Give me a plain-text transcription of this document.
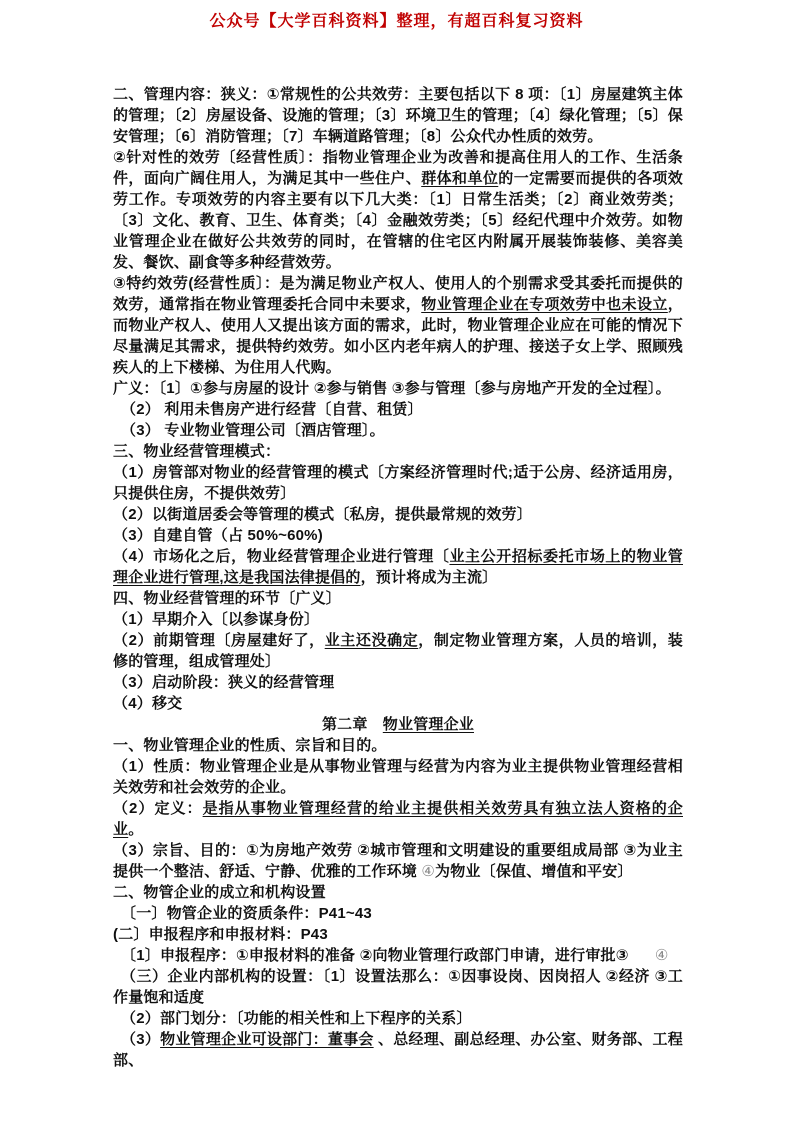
公众号【大学百科资料】整理，有超百科复习资料
二、管理内容：狭义：①常规性的公共效劳：主要包括以下 8 项：〔1〕房屋建筑主体的管理；〔2〕房屋设备、设施的管理；〔3〕环境卫生的管理；〔4〕绿化管理；〔5〕保安管理；〔6〕消防管理；〔7〕车辆道路管理；〔8〕公众代办性质的效劳。
②针对性的效劳〔经营性质〕：指物业管理企业为改善和提高住用人的工作、生活条件，面向广阔住用人，为满足其中一些住户、群体和单位的一定需要而提供的各项效劳工作。专项效劳的内容主要有以下几大类：〔1〕日常生活类；〔2〕商业效劳类；〔3〕文化、教育、卫生、体育类；〔4〕金融效劳类；〔5〕经纪代理中介效劳。如物业管理企业在做好公共效劳的同时，在管辖的住宅区内附属开展装饰装修、美容美发、餐饮、副食等多种经营效劳。
③特约效劳(经营性质〕：是为满足物业产权人、使用人的个别需求受其委托而提供的效劳，通常指在物业管理委托合同中未要求，物业管理企业在专项效劳中也未设立，而物业产权人、使用人又提出该方面的需求，此时，物业管理企业应在可能的情况下尽量满足其需求，提供特约效劳。如小区内老年病人的护理、接送子女上学、照顾残疾人的上下楼梯、为住用人代购。
广义：〔1〕①参与房屋的设计 ②参与销售 ③参与管理〔参与房地产开发的全过程〕。
（2） 利用未售房产进行经营〔自营、租赁〕
（3） 专业物业管理公司〔酒店管理〕。
三、物业经营管理模式：
（1）房管部对物业的经营管理的模式〔方案经济管理时代;适于公房、经济适用房，只提供住房，不提供效劳〕
（2）以街道居委会等管理的模式〔私房，提供最常规的效劳〕
（3）自建自管（占 50%~60%)
（4）市场化之后，物业经营管理企业进行管理〔业主公开招标委托市场上的物业管理企业进行管理,这是我国法律提倡的，预计将成为主流〕
四、物业经营管理的环节〔广义〕
（1）早期介入〔以参谋身份〕
（2）前期管理〔房屋建好了，业主还没确定，制定物业管理方案，人员的培训，装修的管理，组成管理处〕
（3）启动阶段：狭义的经营管理
（4）移交
第二章　物业管理企业
一、物业管理企业的性质、宗旨和目的。
（1）性质：物业管理企业是从事物业管理与经营为内容为业主提供物业管理经营相关效劳和社会效劳的企业。
（2）定义：是指从事物业管理经营的给业主提供相关效劳具有独立法人资格的企业。
（3）宗旨、目的：①为房地产效劳 ②城市管理和文明建设的重要组成局部 ③为业主提供一个整洁、舒适、宁静、优雅的工作环境 ④为物业〔保值、增值和平安〕
二、物管企业的成立和机构设置
〔一〕物管企业的资质条件：P41~43
(二〕申报程序和申报材料：P43
〔1〕申报程序：①申报材料的准备 ②向物业管理行政部门申请，进行审批③      ④
（三）企业内部机构的设置：〔1〕设置法那么：①因事设岗、因岗招人 ②经济 ③工作量饱和适度
（2）部门划分：〔功能的相关性和上下程序的关系〕
（3）物业管理企业可设部门：董事会 、总经理、副总经理、办公室、财务部、工程部、
